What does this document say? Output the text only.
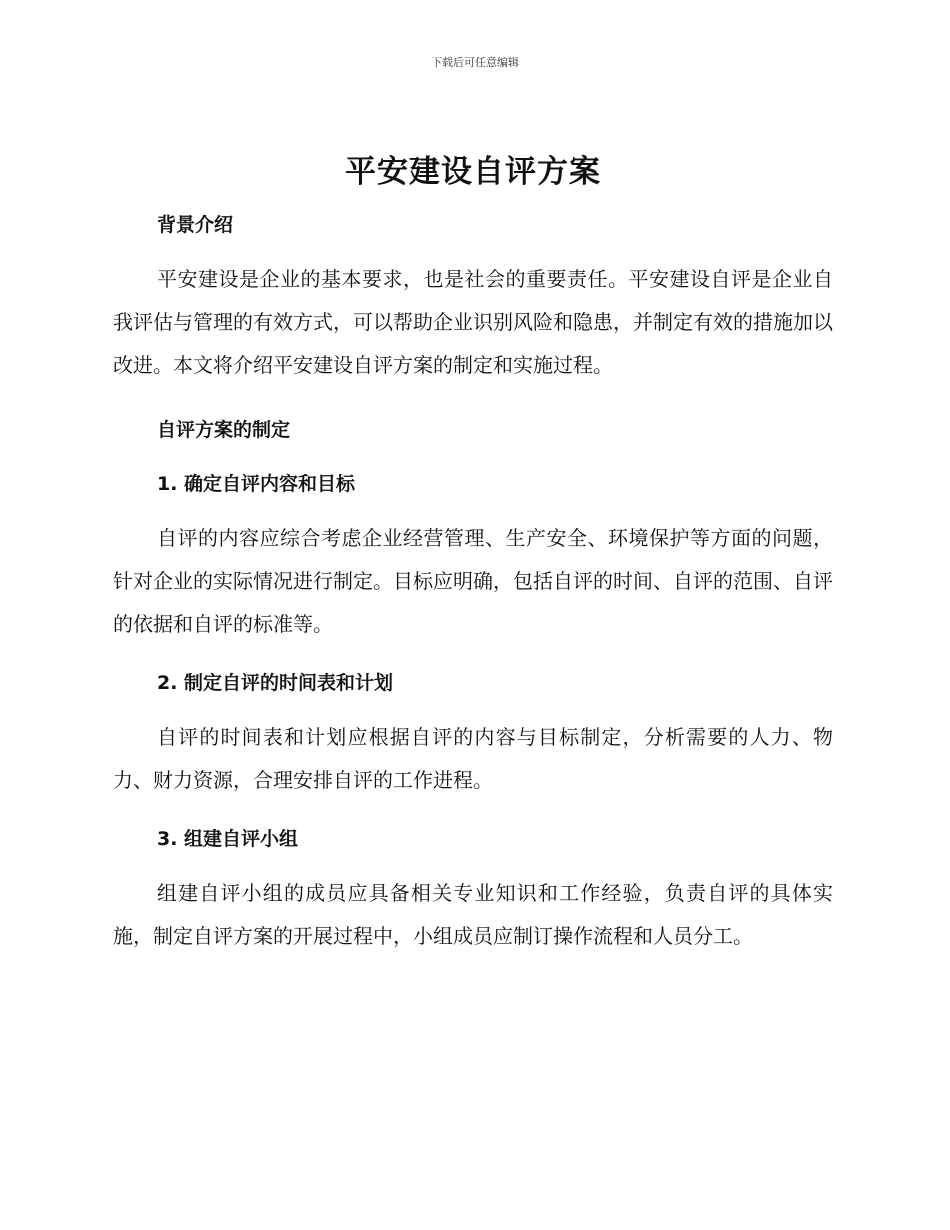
下载后可任意编辑
平安建设自评方案
背景介绍

平安建设是企业的基本要求，也是社会的重要责任。平安建设自评是企业自我评估与管理的有效方式，可以帮助企业识别风险和隐患，并制定有效的措施加以改进。本文将介绍平安建设自评方案的制定和实施过程。

自评方案的制定
1. 确定自评内容和目标

自评的内容应综合考虑企业经营管理、生产安全、环境保护等方面的问题，针对企业的实际情况进行制定。目标应明确，包括自评的时间、自评的范围、自评的依据和自评的标准等。

2. 制定自评的时间表和计划

自评的时间表和计划应根据自评的内容与目标制定，分析需要的人力、物力、财力资源，合理安排自评的工作进程。

3. 组建自评小组

组建自评小组的成员应具备相关专业知识和工作经验，负责自评的具体实施，制定自评方案的开展过程中，小组成员应制订操作流程和人员分工。
